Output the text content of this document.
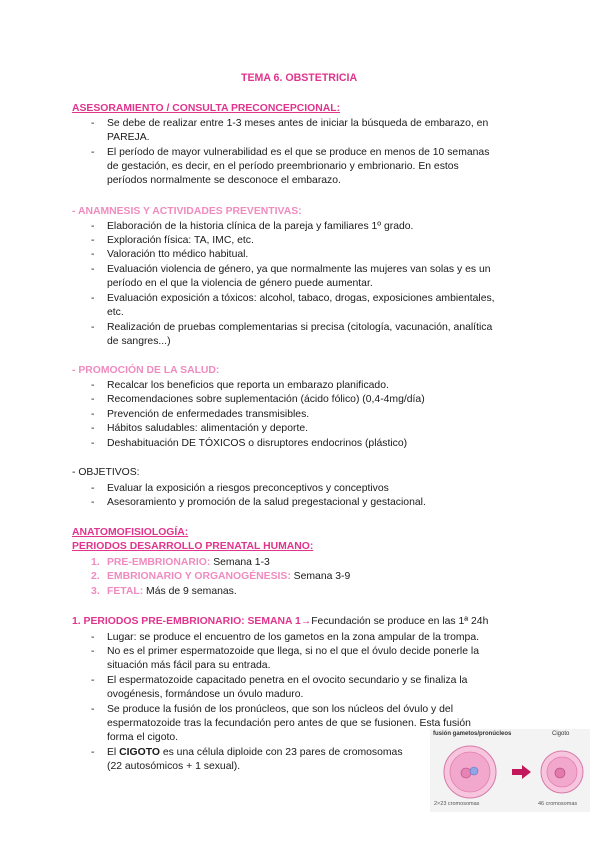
TEMA 6. OBSTETRICIA
ASESORAMIENTO / CONSULTA PRECONCEPCIONAL:
- Se debe de realizar entre 1-3 meses antes de iniciar la búsqueda de embarazo, en
PAREJA.
- El período de mayor vulnerabilidad es el que se produce en menos de 10 semanas
de gestación, es decir, en el período preembrionario y embrionario. En estos
períodos normalmente se desconoce el embarazo.
- ANAMNESIS Y ACTIVIDADES PREVENTIVAS:
- Elaboración de la historia clínica de la pareja y familiares 1º grado.
- Exploración física: TA, IMC, etc.
- Valoración tto médico habitual.
- Evaluación violencia de género, ya que normalmente las mujeres van solas y es un
período en el que la violencia de género puede aumentar.
- Evaluación exposición a tóxicos: alcohol, tabaco, drogas, exposiciones ambientales,
etc.
- Realización de pruebas complementarias si precisa (citología, vacunación, analítica
de sangres...)
- PROMOCIÓN DE LA SALUD:
- Recalcar los beneficios que reporta un embarazo planificado.
- Recomendaciones sobre suplementación (ácido fólico) (0,4-4mg/día)
- Prevención de enfermedades transmisibles.
- Hábitos saludables: alimentación y deporte.
- Deshabituación DE TÓXICOS o disruptores endocrinos (plástico)
- OBJETIVOS:
- Evaluar la exposición a riesgos preconceptivos y conceptivos
- Asesoramiento y promoción de la salud pregestacional y gestacional.
ANATOMOFISIOLOGÍA:
PERIODOS DESARROLLO PRENATAL HUMANO:
1. PRE-EMBRIONARIO: Semana 1-3
2. EMBRIONARIO Y ORGANOGÉNESIS: Semana 3-9
3. FETAL: Más de 9 semanas.
1. PERIODOS PRE-EMBRIONARIO: SEMANA 1→Fecundación se produce en las 1ª 24h
- Lugar: se produce el encuentro de los gametos en la zona ampular de la trompa.
- No es el primer espermatozoide que llega, si no el que el óvulo decide ponerle la
situación más fácil para su entrada.
- El espermatozoide capacitado penetra en el ovocito secundario y se finaliza la
ovogénesis, formándose un óvulo maduro.
- Se produce la fusión de los pronúcleos, que son los núcleos del óvulo y del
espermatozoide tras la fecundación pero antes de que se fusionen. Esta fusión
forma el cigoto.
- El CIGOTO es una célula diploide con 23 pares de cromosomas
(22 autosómicos + 1 sexual).
fusión gametos/pronúcleos	Cigoto
2×23 cromosomas	46 cromosomas
